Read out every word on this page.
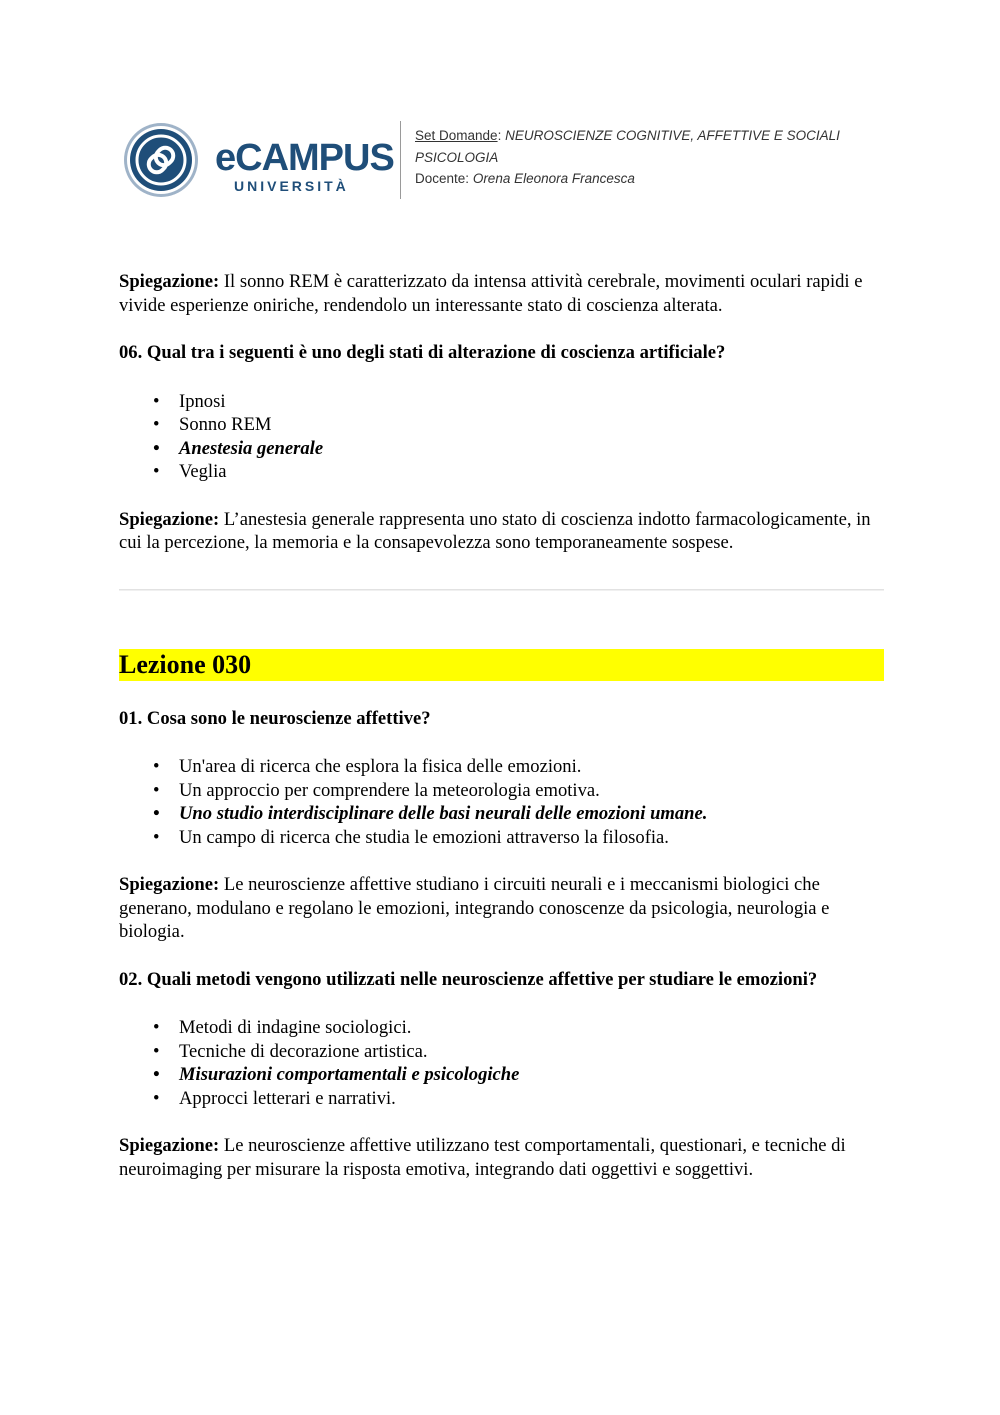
eCAMPUS
UNIVERSITÀ
Set Domande: NEUROSCIENZE COGNITIVE, AFFETTIVE E SOCIALI
PSICOLOGIA
Docente: Orena Eleonora Francesca

Spiegazione: Il sonno REM è caratterizzato da intensa attività cerebrale, movimenti oculari rapidi e vivide esperienze oniriche, rendendolo un interessante stato di coscienza alterata.

06. Qual tra i seguenti è uno degli stati di alterazione di coscienza artificiale?

• Ipnosi
• Sonno REM
• Anestesia generale
• Veglia

Spiegazione: L’anestesia generale rappresenta uno stato di coscienza indotto farmacologicamente, in cui la percezione, la memoria e la consapevolezza sono temporaneamente sospese.

Lezione 030

01. Cosa sono le neuroscienze affettive?

• Un'area di ricerca che esplora la fisica delle emozioni.
• Un approccio per comprendere la meteorologia emotiva.
• Uno studio interdisciplinare delle basi neurali delle emozioni umane.
• Un campo di ricerca che studia le emozioni attraverso la filosofia.

Spiegazione: Le neuroscienze affettive studiano i circuiti neurali e i meccanismi biologici che generano, modulano e regolano le emozioni, integrando conoscenze da psicologia, neurologia e biologia.

02. Quali metodi vengono utilizzati nelle neuroscienze affettive per studiare le emozioni?

• Metodi di indagine sociologici.
• Tecniche di decorazione artistica.
• Misurazioni comportamentali e psicologiche
• Approcci letterari e narrativi.

Spiegazione: Le neuroscienze affettive utilizzano test comportamentali, questionari, e tecniche di neuroimaging per misurare la risposta emotiva, integrando dati oggettivi e soggettivi.
